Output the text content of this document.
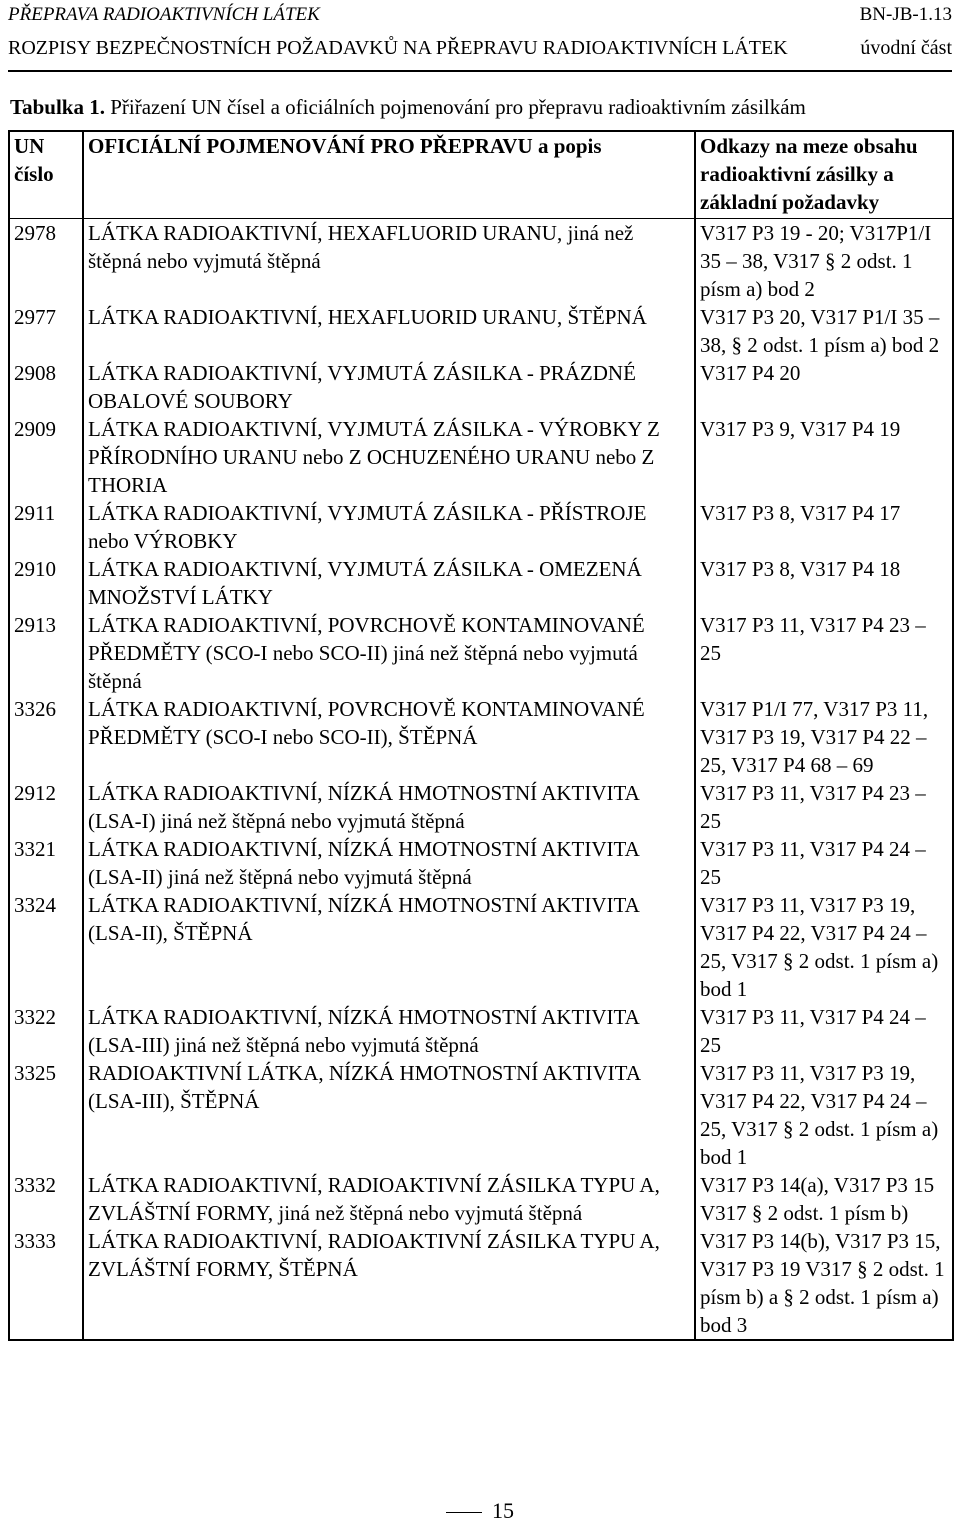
PŘEPRAVA RADIOAKTIVNÍCH LÁTEK	BN-JB-1.13
ROZPISY BEZPEČNOSTNÍCH POŽADAVKŮ NA PŘEPRAVU RADIOAKTIVNÍCH LÁTEK	úvodní část
Tabulka 1. Přiřazení UN čísel a oficiálních pojmenování pro přepravu radioaktivním zásilkám
UN číslo	OFICIÁLNÍ POJMENOVÁNÍ PRO PŘEPRAVU a popis	Odkazy na meze obsahu radioaktivní zásilky a základní požadavky
2978	LÁTKA RADIOAKTIVNÍ, HEXAFLUORID URANU, jiná než štěpná nebo vyjmutá štěpná	V317 P3 19 - 20; V317P1/I 35 – 38, V317 § 2 odst. 1 písm a) bod 2
2977	LÁTKA RADIOAKTIVNÍ, HEXAFLUORID URANU, ŠTĚPNÁ	V317 P3 20, V317 P1/I 35 – 38, § 2 odst. 1 písm a) bod 2
2908	LÁTKA RADIOAKTIVNÍ, VYJMUTÁ ZÁSILKA - PRÁZDNÉ OBALOVÉ SOUBORY	V317 P4 20
2909	LÁTKA RADIOAKTIVNÍ, VYJMUTÁ ZÁSILKA - VÝROBKY Z PŘÍRODNÍHO URANU nebo Z OCHUZENÉHO URANU nebo Z THORIA	V317 P3 9, V317 P4 19
2911	LÁTKA RADIOAKTIVNÍ, VYJMUTÁ ZÁSILKA - PŘÍSTROJE nebo VÝROBKY	V317 P3 8, V317 P4 17
2910	LÁTKA RADIOAKTIVNÍ, VYJMUTÁ ZÁSILKA - OMEZENÁ MNOŽSTVÍ LÁTKY	V317 P3 8, V317 P4 18
2913	LÁTKA RADIOAKTIVNÍ, POVRCHOVĚ KONTAMINOVANÉ PŘEDMĚTY (SCO-I nebo SCO-II) jiná než štěpná nebo vyjmutá štěpná	V317 P3 11, V317 P4 23 – 25
3326	LÁTKA RADIOAKTIVNÍ, POVRCHOVĚ KONTAMINOVANÉ PŘEDMĚTY (SCO-I nebo SCO-II), ŠTĚPNÁ	V317 P1/I 77, V317 P3 11, V317 P3 19, V317 P4 22 – 25, V317 P4 68 – 69
2912	LÁTKA RADIOAKTIVNÍ, NÍZKÁ HMOTNOSTNÍ AKTIVITA (LSA-I) jiná než štěpná nebo vyjmutá štěpná	V317 P3 11, V317 P4 23 – 25
3321	LÁTKA RADIOAKTIVNÍ, NÍZKÁ HMOTNOSTNÍ AKTIVITA (LSA-II) jiná než štěpná nebo vyjmutá štěpná	V317 P3 11, V317 P4 24 – 25
3324	LÁTKA RADIOAKTIVNÍ, NÍZKÁ HMOTNOSTNÍ AKTIVITA (LSA-II), ŠTĚPNÁ	V317 P3 11, V317 P3 19, V317 P4 22, V317 P4 24 – 25, V317 § 2 odst. 1 písm a) bod 1
3322	LÁTKA RADIOAKTIVNÍ, NÍZKÁ HMOTNOSTNÍ AKTIVITA (LSA-III) jiná než štěpná nebo vyjmutá štěpná	V317 P3 11, V317 P4 24 – 25
3325	RADIOAKTIVNÍ LÁTKA, NÍZKÁ HMOTNOSTNÍ AKTIVITA (LSA-III), ŠTĚPNÁ	V317 P3 11, V317 P3 19, V317 P4 22, V317 P4 24 – 25, V317 § 2 odst. 1 písm a) bod 1
3332	LÁTKA RADIOAKTIVNÍ, RADIOAKTIVNÍ ZÁSILKA TYPU A, ZVLÁŠTNÍ FORMY, jiná než štěpná nebo vyjmutá štěpná	V317 P3 14(a), V317 P3 15 V317 § 2 odst. 1 písm b)
3333	LÁTKA RADIOAKTIVNÍ, RADIOAKTIVNÍ ZÁSILKA TYPU A, ZVLÁŠTNÍ FORMY, ŠTĚPNÁ	V317 P3 14(b), V317 P3 15, V317 P3 19 V317 § 2 odst. 1 písm b) a § 2 odst. 1 písm a) bod 3
15
